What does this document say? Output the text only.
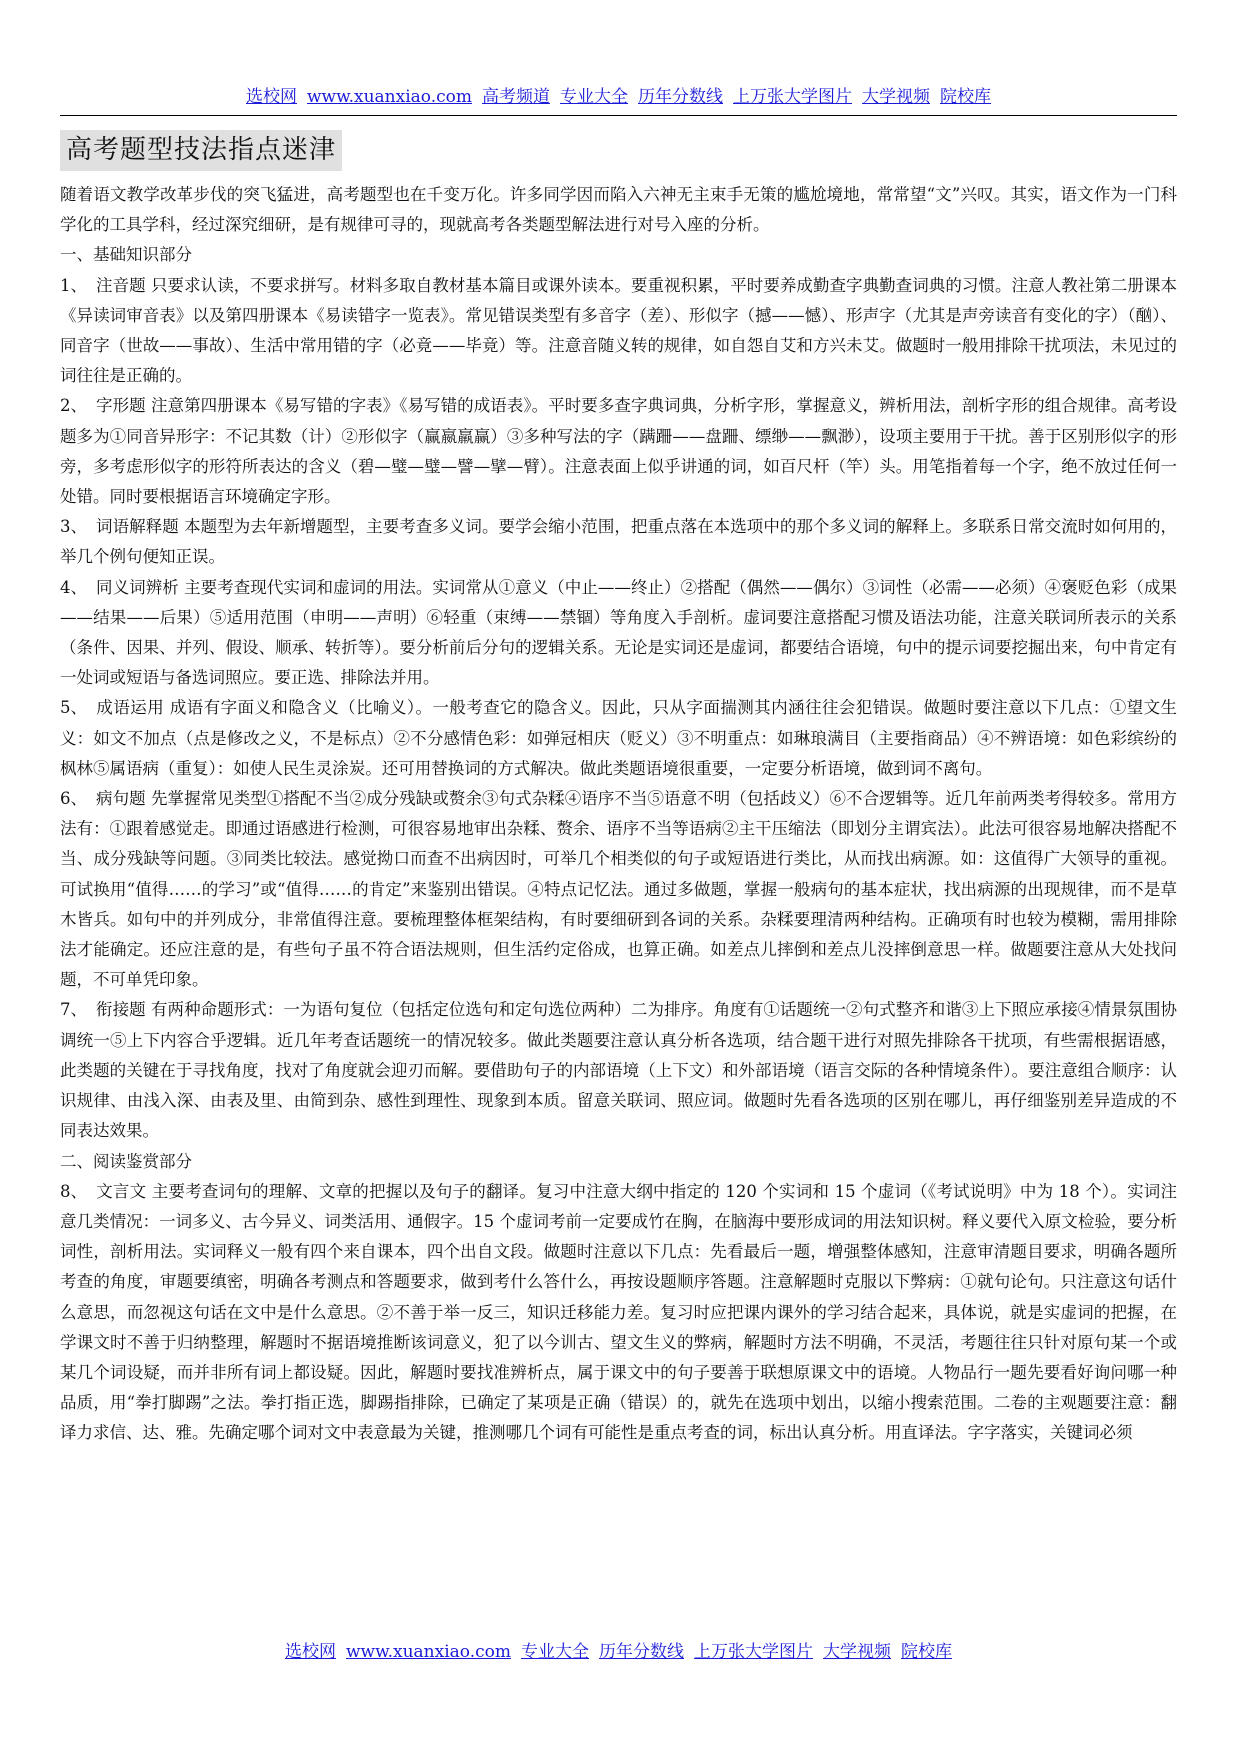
选校网 www.xuanxiao.com 高考频道 专业大全 历年分数线 上万张大学图片 大学视频 院校库
高考题型技法指点迷津

随着语文教学改革步伐的突飞猛进，高考题型也在千变万化。许多同学因而陷入六神无主束手无策的尴尬境地，常常望“文”兴叹。其实，语文作为一门科学化的工具学科，经过深究细研，是有规律可寻的，现就高考各类题型解法进行对号入座的分析。

一、基础知识部分

1、 注音题 只要求认读，不要求拼写。材料多取自教材基本篇目或课外读本。要重视积累，平时要养成勤查字典勤查词典的习惯。注意人教社第二册课本《异读词审音表》以及第四册课本《易读错字一览表》。常见错误类型有多音字（差）、形似字（撼——憾）、形声字（尤其是声旁读音有变化的字）（酗）、同音字（世故——事故）、生活中常用错的字（必竟——毕竟）等。注意音随义转的规律，如自怨自艾和方兴未艾。做题时一般用排除干扰项法，未见过的词往往是正确的。

2、 字形题 注意第四册课本《易写错的字表》《易写错的成语表》。平时要多查字典词典，分析字形，掌握意义，辨析用法，剖析字形的组合规律。高考设题多为①同音异形字：不记其数（计）②形似字（赢嬴羸赢）③多种写法的字（蹒跚——盘跚、缥缈——飘渺），设项主要用于干扰。善于区别形似字的形旁，多考虑形似字的形符所表达的含义（碧—璧—璧—譬—擘—臂）。注意表面上似乎讲通的词，如百尺杆（竿）头。用笔指着每一个字，绝不放过任何一处错。同时要根据语言环境确定字形。

3、 词语解释题 本题型为去年新增题型，主要考查多义词。要学会缩小范围，把重点落在本选项中的那个多义词的解释上。多联系日常交流时如何用的，举几个例句便知正误。

4、 同义词辨析 主要考查现代实词和虚词的用法。实词常从①意义（中止——终止）②搭配（偶然——偶尔）③词性（必需——必须）④褒贬色彩（成果——结果——后果）⑤适用范围（申明——声明）⑥轻重（束缚——禁锢）等角度入手剖析。虚词要注意搭配习惯及语法功能，注意关联词所表示的关系（条件、因果、并列、假设、顺承、转折等）。要分析前后分句的逻辑关系。无论是实词还是虚词，都要结合语境，句中的提示词要挖掘出来，句中肯定有一处词或短语与备选词照应。要正选、排除法并用。

5、 成语运用 成语有字面义和隐含义（比喻义）。一般考查它的隐含义。因此，只从字面揣测其内涵往往会犯错误。做题时要注意以下几点：①望文生义：如文不加点（点是修改之义，不是标点）②不分感情色彩：如弹冠相庆（贬义）③不明重点：如琳琅满目（主要指商品）④不辨语境：如色彩缤纷的枫林⑤属语病（重复）：如使人民生灵涂炭。还可用替换词的方式解决。做此类题语境很重要，一定要分析语境，做到词不离句。

6、 病句题 先掌握常见类型①搭配不当②成分残缺或赘余③句式杂糅④语序不当⑤语意不明（包括歧义）⑥不合逻辑等。近几年前两类考得较多。常用方法有：①跟着感觉走。即通过语感进行检测，可很容易地审出杂糅、赘余、语序不当等语病②主干压缩法（即划分主谓宾法）。此法可很容易地解决搭配不当、成分残缺等问题。③同类比较法。感觉拗口而查不出病因时，可举几个相类似的句子或短语进行类比，从而找出病源。如：这值得广大领导的重视。可试换用“值得……的学习”或“值得……的肯定”来鉴别出错误。④特点记忆法。通过多做题，掌握一般病句的基本症状，找出病源的出现规律，而不是草木皆兵。如句中的并列成分，非常值得注意。要梳理整体框架结构，有时要细研到各词的关系。杂糅要理清两种结构。正确项有时也较为模糊，需用排除法才能确定。还应注意的是，有些句子虽不符合语法规则，但生活约定俗成，也算正确。如差点儿摔倒和差点儿没摔倒意思一样。做题要注意从大处找问题，不可单凭印象。

7、 衔接题 有两种命题形式：一为语句复位（包括定位选句和定句选位两种）二为排序。角度有①话题统一②句式整齐和谐③上下照应承接④情景氛围协调统一⑤上下内容合乎逻辑。近几年考查话题统一的情况较多。做此类题要注意认真分析各选项，结合题干进行对照先排除各干扰项，有些需根据语感，此类题的关键在于寻找角度，找对了角度就会迎刃而解。要借助句子的内部语境（上下文）和外部语境（语言交际的各种情境条件）。要注意组合顺序：认识规律、由浅入深、由表及里、由简到杂、感性到理性、现象到本质。留意关联词、照应词。做题时先看各选项的区别在哪儿，再仔细鉴别差异造成的不同表达效果。

二、阅读鉴赏部分

8、 文言文 主要考查词句的理解、文章的把握以及句子的翻译。复习中注意大纲中指定的 120 个实词和 15 个虚词（《考试说明》中为 18 个）。实词注意几类情况：一词多义、古今异义、词类活用、通假字。15 个虚词考前一定要成竹在胸，在脑海中要形成词的用法知识树。释义要代入原文检验，要分析词性，剖析用法。实词释义一般有四个来自课本，四个出自文段。做题时注意以下几点：先看最后一题，增强整体感知，注意审清题目要求，明确各题所考查的角度，审题要缜密，明确各考测点和答题要求，做到考什么答什么，再按设题顺序答题。注意解题时克服以下弊病：①就句论句。只注意这句话什么意思，而忽视这句话在文中是什么意思。②不善于举一反三，知识迁移能力差。复习时应把课内课外的学习结合起来，具体说，就是实虚词的把握，在学课文时不善于归纳整理，解题时不据语境推断该词意义，犯了以今训古、望文生义的弊病，解题时方法不明确，不灵活，考题往往只针对原句某一个或某几个词设疑，而并非所有词上都设疑。因此，解题时要找准辨析点，属于课文中的句子要善于联想原课文中的语境。人物品行一题先要看好询问哪一种品质，用“拳打脚踢”之法。拳打指正选，脚踢指排除，已确定了某项是正确（错误）的，就先在选项中划出，以缩小搜索范围。二卷的主观题要注意：翻译力求信、达、雅。先确定哪个词对文中表意最为关键，推测哪几个词有可能性是重点考查的词，标出认真分析。用直译法。字字落实，关键词必须

选校网 www.xuanxiao.com 专业大全 历年分数线 上万张大学图片 大学视频 院校库
